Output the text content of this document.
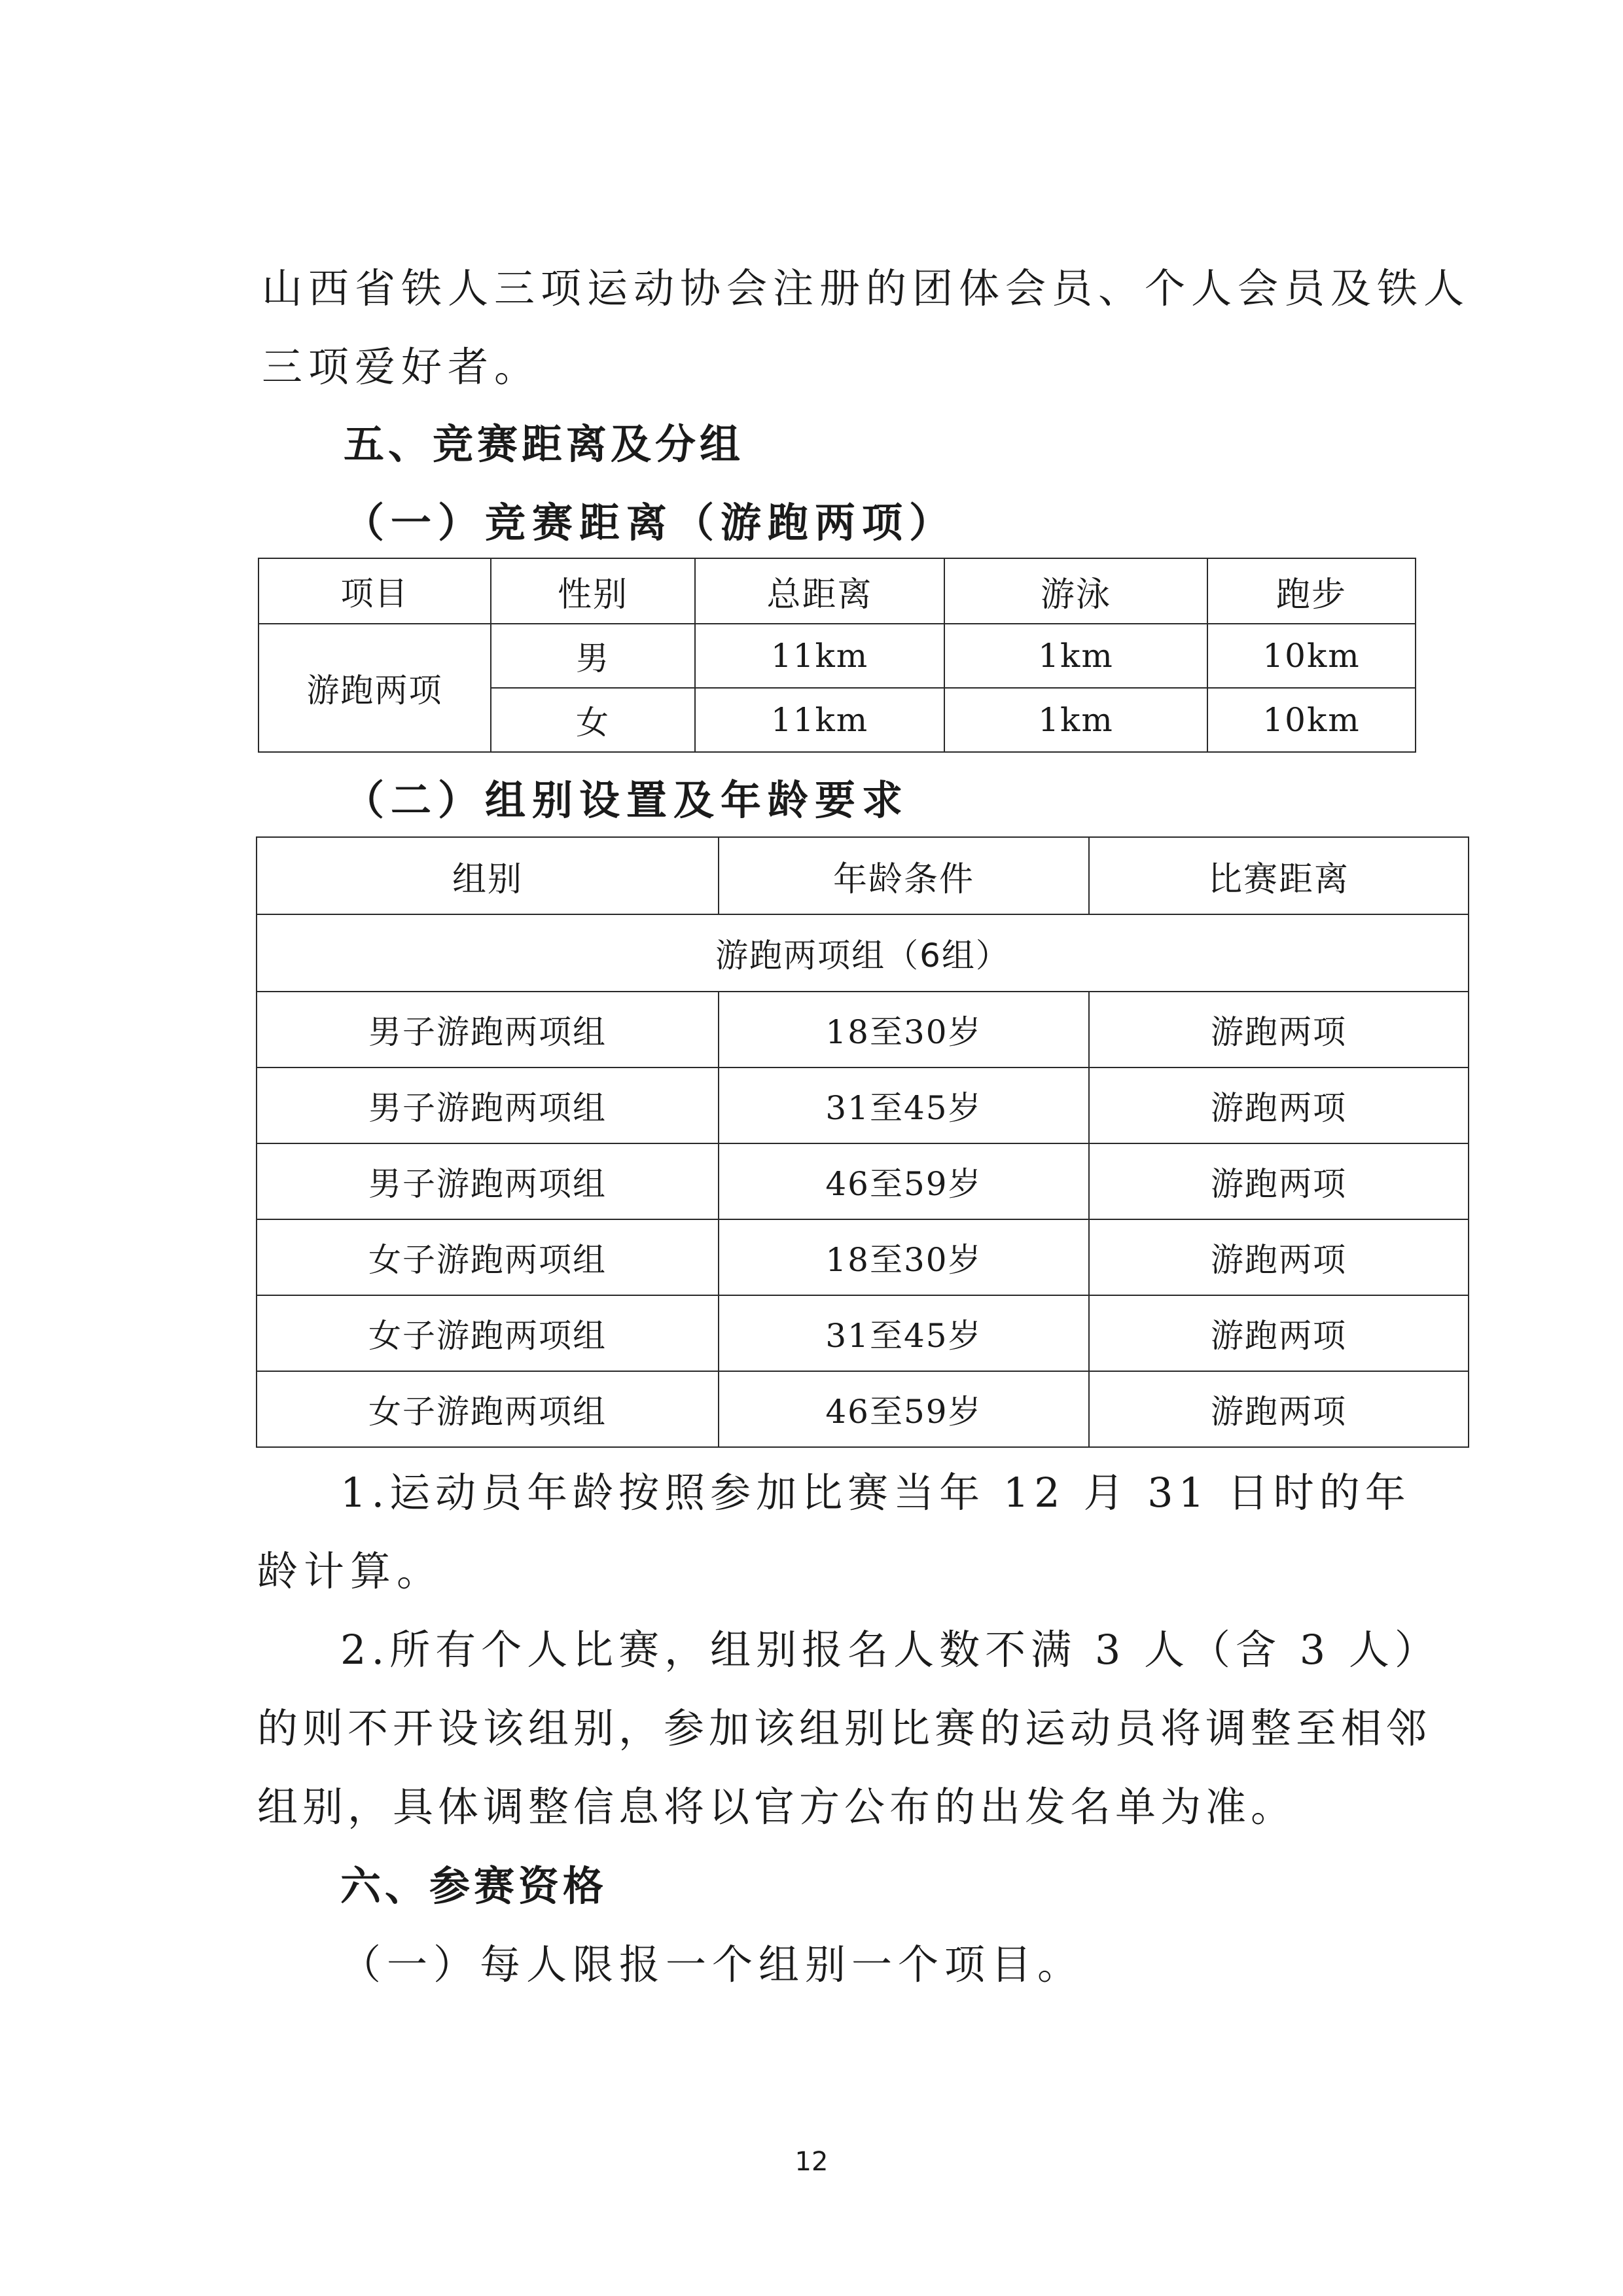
山西省铁人三项运动协会注册的团体会员、个人会员及铁人

三项爱好者。

五、竞赛距离及分组
（一）竞赛距离（游跑两项）
项目	性别	总距离	游泳	跑步
游跑两项	男	11km	1km	10km
	女	11km	1km	10km
（二）组别设置及年龄要求
组别	年龄条件	比赛距离
游跑两项组（6组）		
男子游跑两项组	18至30岁	游跑两项
男子游跑两项组	31至45岁	游跑两项
男子游跑两项组	46至59岁	游跑两项
女子游跑两项组	18至30岁	游跑两项
女子游跑两项组	31至45岁	游跑两项
女子游跑两项组	46至59岁	游跑两项

1.运动员年龄按照参加比赛当年 12 月 31 日时的年

龄计算。

2.所有个人比赛，组别报名人数不满 3 人（含 3 人）

的则不开设该组别，参加该组别比赛的运动员将调整至相邻

组别，具体调整信息将以官方公布的出发名单为准。

六、参赛资格

（一）每人限报一个组别一个项目。

12
